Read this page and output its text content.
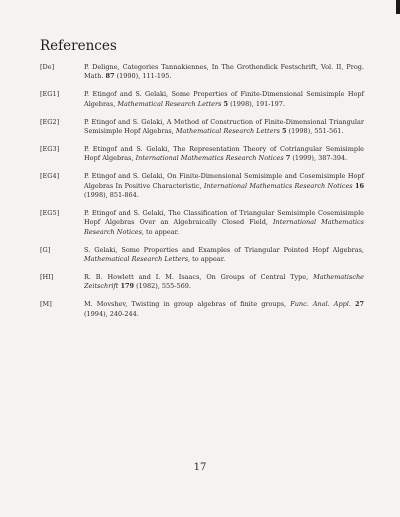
References
[De]	P. Deligne, Categories Tannakiennes, In The Grothendick Festschrift, Vol. II, Prog. Math. 87 (1990), 111-195.
[EG1]	P. Etingof and S. Gelaki, Some Properties of Finite-Dimensional Semisimple Hopf Algebras, Mathematical Research Letters 5 (1998), 191-197.
[EG2]	P. Etingof and S. Gelaki, A Method of Construction of Finite-Dimensional Triangular Semisimple Hopf Algebras, Mathematical Research Letters 5 (1998), 551-561.
[EG3]	P. Etingof and S. Gelaki, The Representation Theory of Cotriangular Semisimple Hopf Algebras, International Mathematics Research Notices 7 (1999), 387-394.
[EG4]	P. Etingof and S. Gelaki, On Finite-Dimensional Semisimple and Cosemisimple Hopf Algebras In Positive Characteristic, International Mathematics Research Notices 16 (1998), 851-864.
[EG5]	P. Etingof and S. Gelaki, The Classification of Triangular Semisimple Cosemisimple Hopf Algebras Over an Algebraically Closed Field, International Mathematics Research Notices, to appear.
[G]	S. Gelaki, Some Properties and Examples of Triangular Pointed Hopf Algebras, Mathematical Research Letters, to appear.
[HI]	R. B. Howlett and I. M. Isaacs, On Groups of Central Type, Mathematische Zeitschrift 179 (1982), 555-569.
[M]	M. Movshev, Twisting in group algebras of finite groups, Func. Anal. Appl. 27 (1994), 240-244.
17
